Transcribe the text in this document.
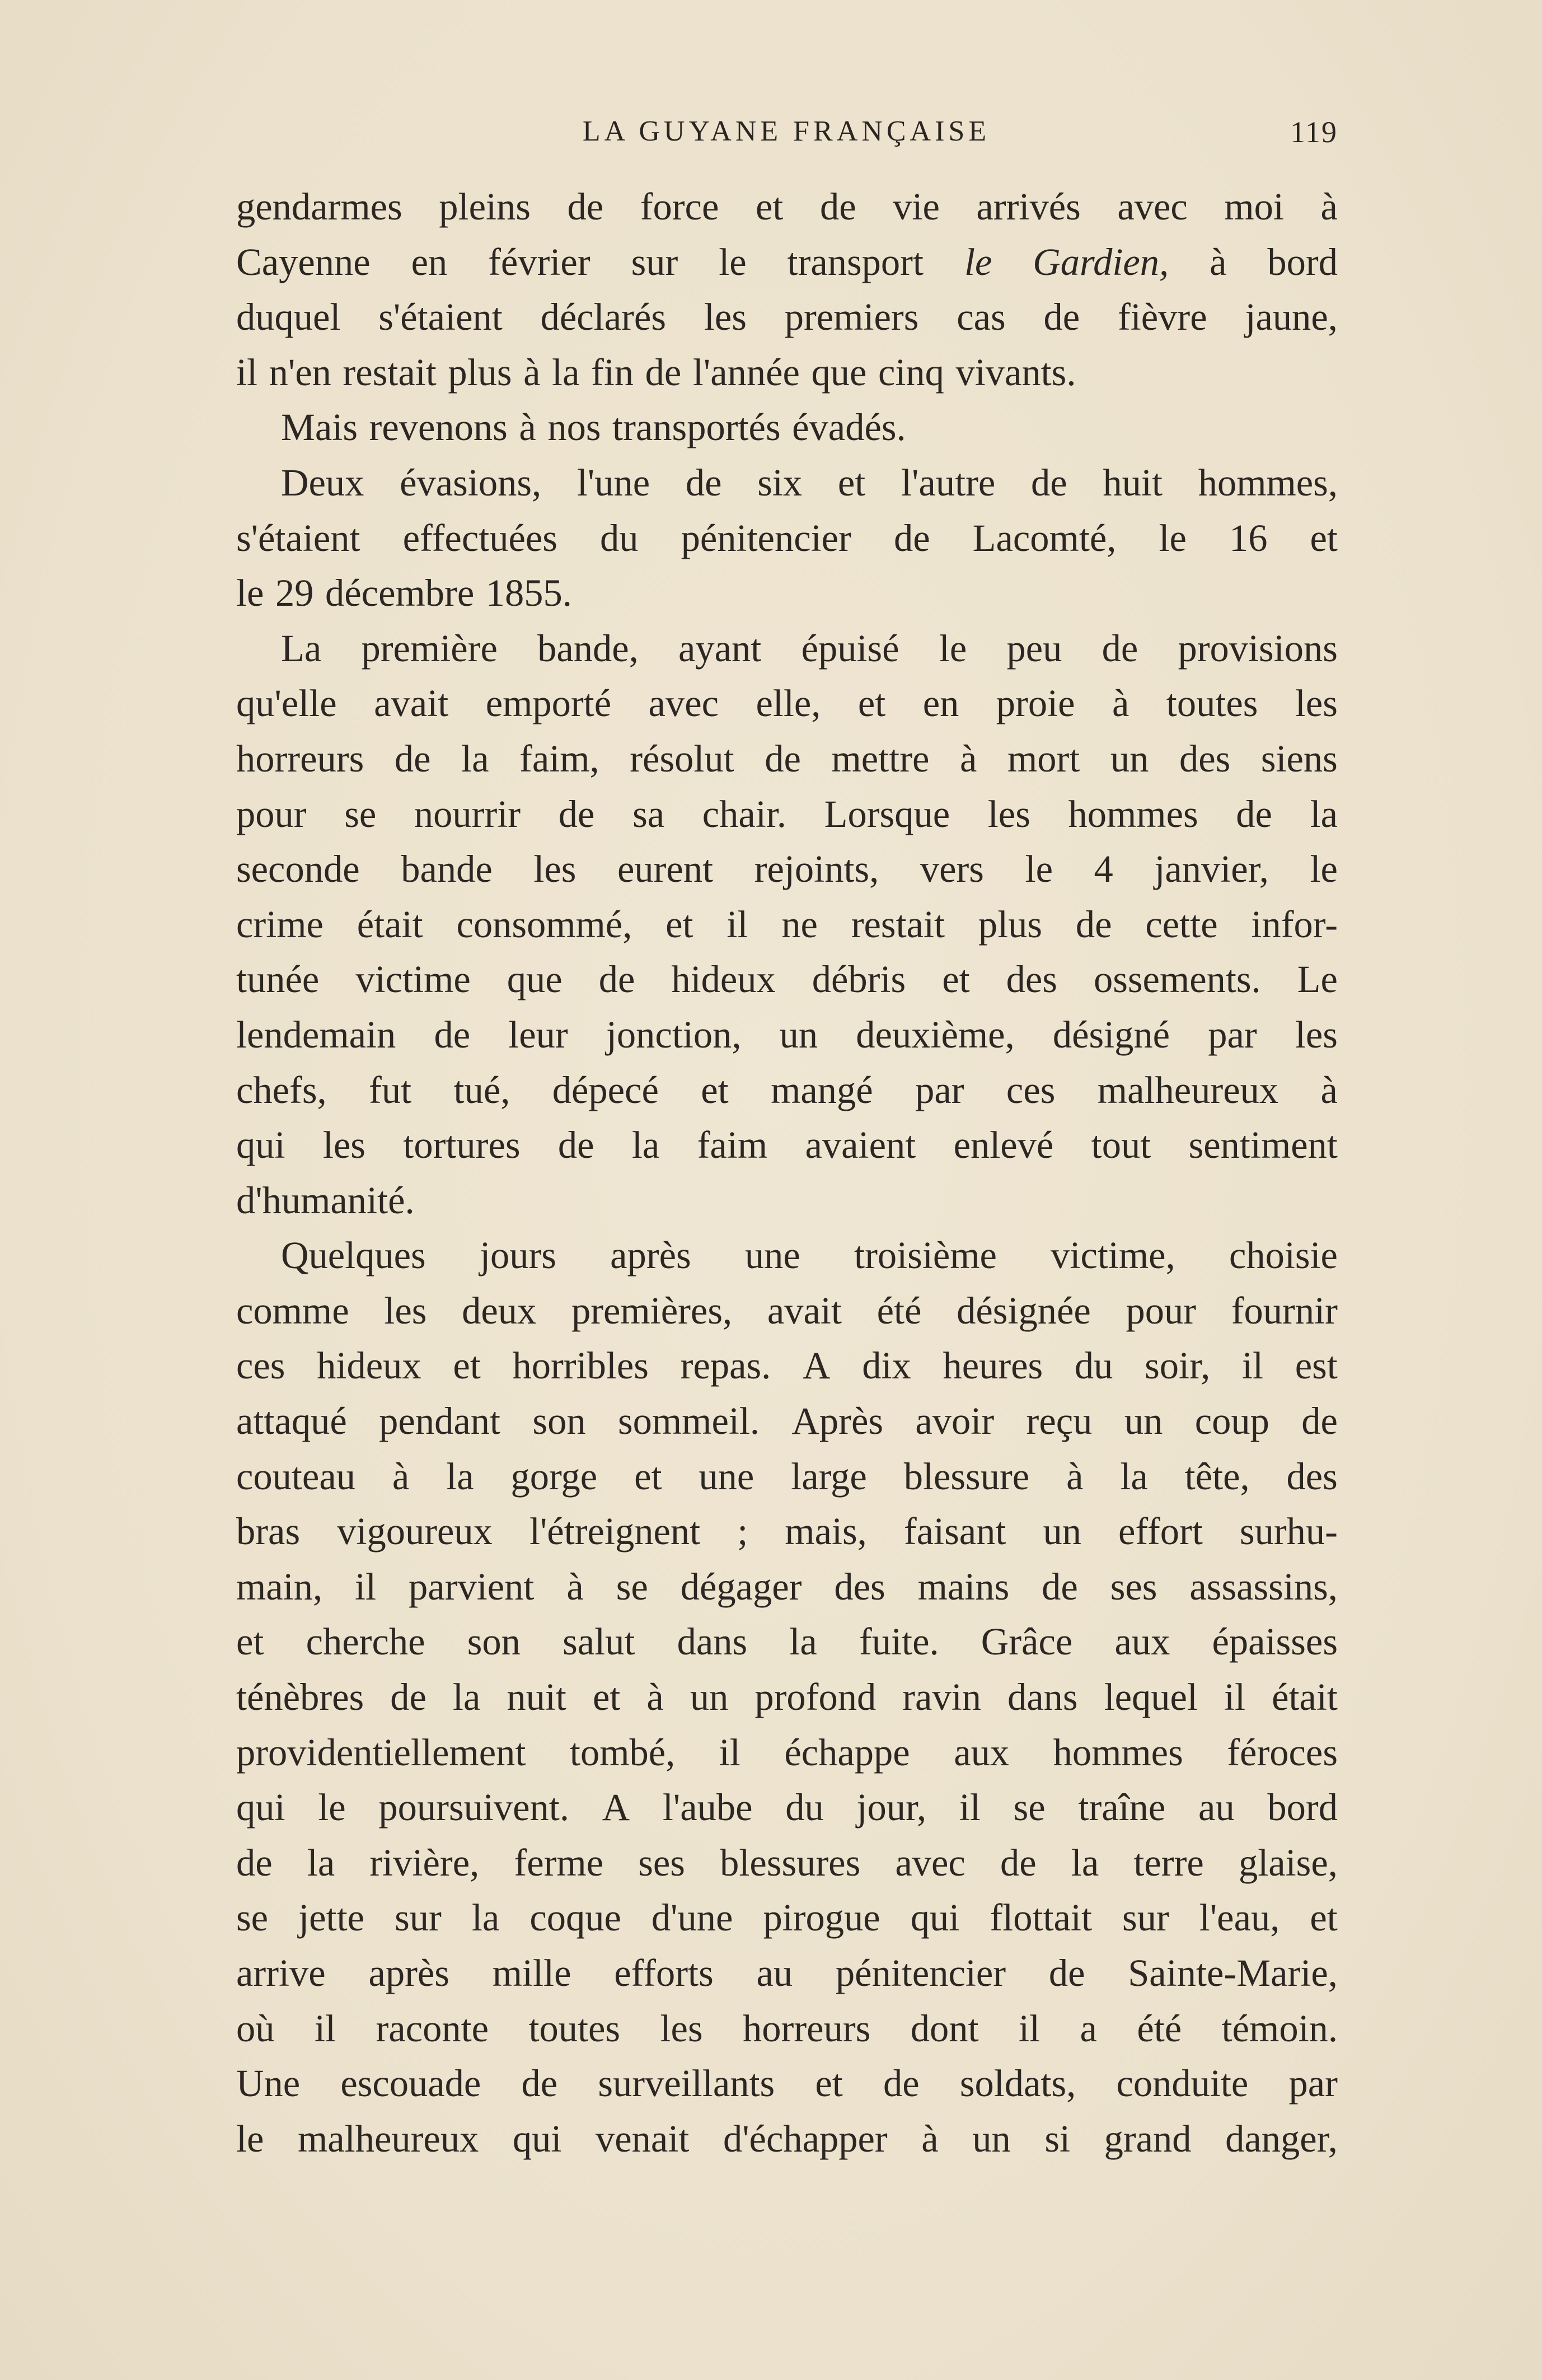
LA GUYANE FRANÇAISE	119
gendarmes pleins de force et de vie arrivés avec moi à
Cayenne en février sur le transport le Gardien, à bord
duquel s'étaient déclarés les premiers cas de fièvre jaune,
il n'en restait plus à la fin de l'année que cinq vivants.
Mais revenons à nos transportés évadés.
Deux évasions, l'une de six et l'autre de huit hommes,
s'étaient effectuées du pénitencier de Lacomté, le 16 et
le 29 décembre 1855.
La première bande, ayant épuisé le peu de provisions
qu'elle avait emporté avec elle, et en proie à toutes les
horreurs de la faim, résolut de mettre à mort un des siens
pour se nourrir de sa chair. Lorsque les hommes de la
seconde bande les eurent rejoints, vers le 4 janvier, le
crime était consommé, et il ne restait plus de cette infor-
tunée victime que de hideux débris et des ossements. Le
lendemain de leur jonction, un deuxième, désigné par les
chefs, fut tué, dépecé et mangé par ces malheureux à
qui les tortures de la faim avaient enlevé tout sentiment
d'humanité.
Quelques jours après une troisième victime, choisie
comme les deux premières, avait été désignée pour fournir
ces hideux et horribles repas. A dix heures du soir, il est
attaqué pendant son sommeil. Après avoir reçu un coup de
couteau à la gorge et une large blessure à la tête, des
bras vigoureux l'étreignent ; mais, faisant un effort surhu-
main, il parvient à se dégager des mains de ses assassins,
et cherche son salut dans la fuite. Grâce aux épaisses
ténèbres de la nuit et à un profond ravin dans lequel il était
providentiellement tombé, il échappe aux hommes féroces
qui le poursuivent. A l'aube du jour, il se traîne au bord
de la rivière, ferme ses blessures avec de la terre glaise,
se jette sur la coque d'une pirogue qui flottait sur l'eau, et
arrive après mille efforts au pénitencier de Sainte-Marie,
où il raconte toutes les horreurs dont il a été témoin.
Une escouade de surveillants et de soldats, conduite par
le malheureux qui venait d'échapper à un si grand danger,
